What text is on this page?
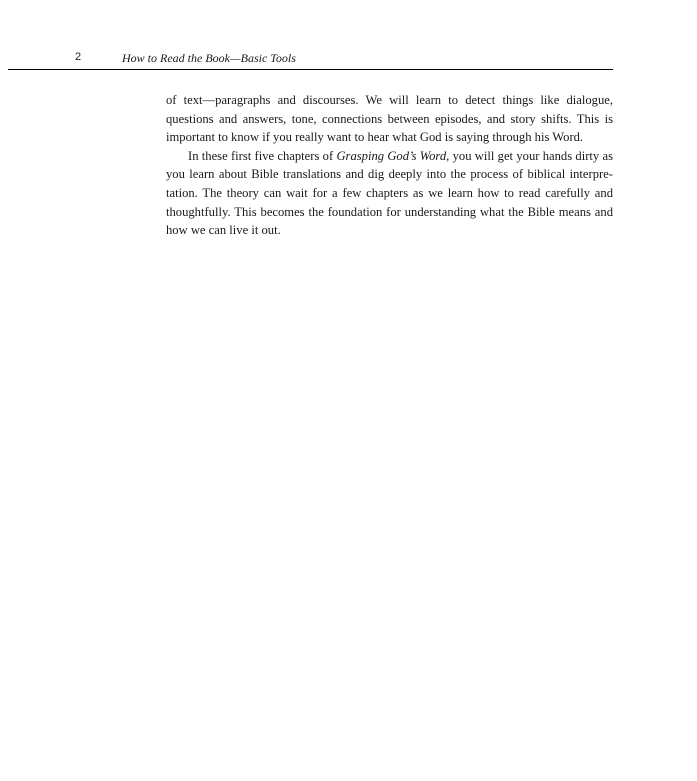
2	How to Read the Book—Basic Tools

of text—paragraphs and discourses. We will learn to detect things like dialogue, questions and answers, tone, connections between episodes, and story shifts. This is important to know if you really want to hear what God is saying through his Word.

In these first five chapters of Grasping God’s Word, you will get your hands dirty as you learn about Bible translations and dig deeply into the process of biblical interpretation. The theory can wait for a few chapters as we learn how to read carefully and thoughtfully. This becomes the foundation for understanding what the Bible means and how we can live it out.
